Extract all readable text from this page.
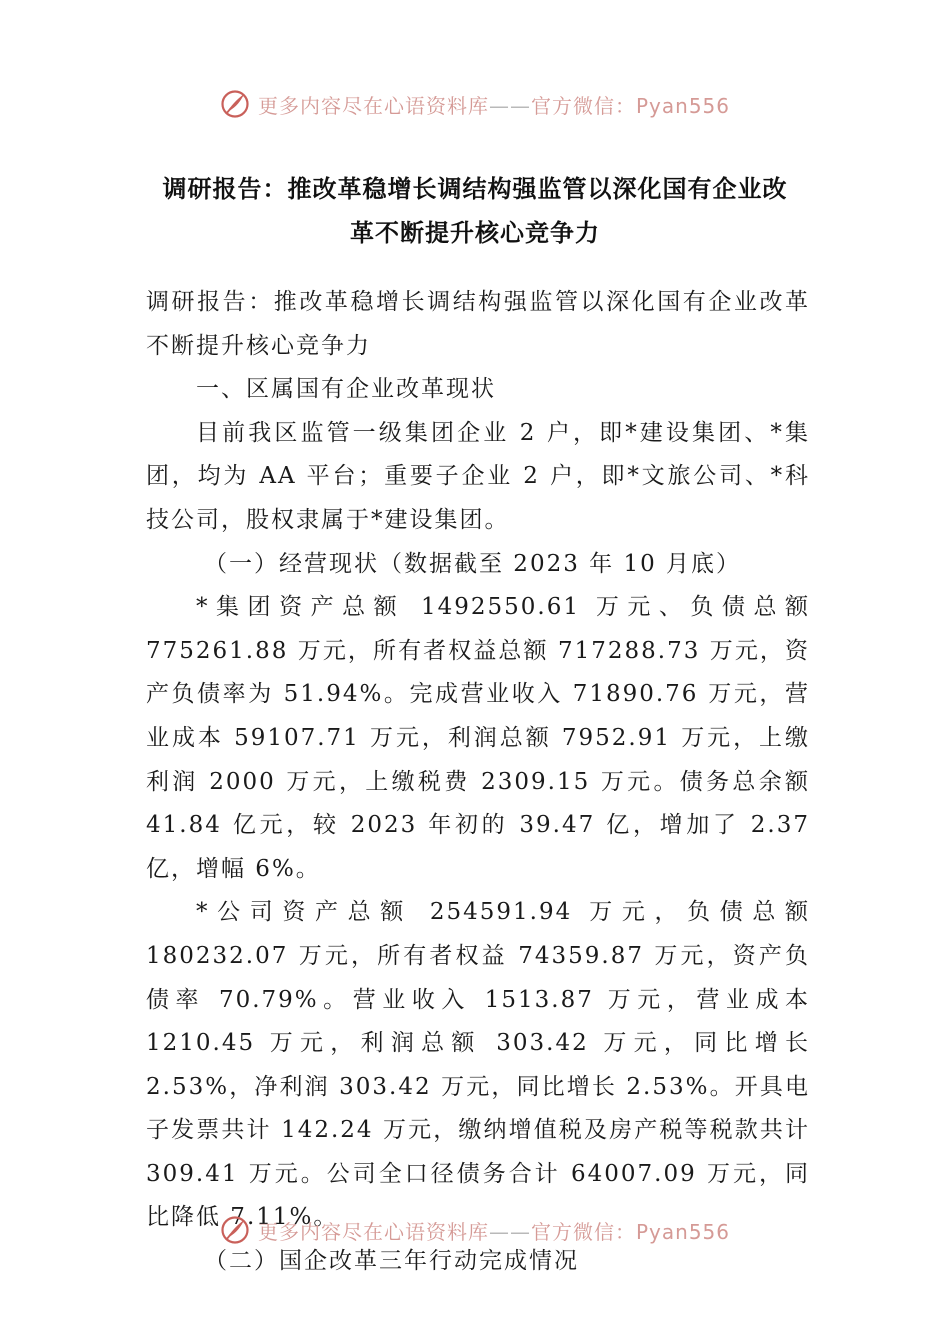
更多内容尽在心语资料库——官方微信：Pyan556
调研报告：推改革稳增长调结构强监管以深化国有企业改
革不断提升核心竞争力

调研报告：推改革稳增长调结构强监管以深化国有企业改革不断提升核心竞争力

一、区属国有企业改革现状

目前我区监管一级集团企业 2 户，即*建设集团、*集团，均为 AA 平台；重要子企业 2 户，即*文旅公司、*科技公司，股权隶属于*建设集团。

（一）经营现状（数据截至 2023 年 10 月底）

*集团资产总额 1492550.61 万元、负债总额 775261.88 万元，所有者权益总额 717288.73 万元，资产负债率为 51.94%。完成营业收入 71890.76 万元，营业成本 59107.71 万元，利润总额 7952.91 万元，上缴利润 2000 万元，上缴税费 2309.15 万元。债务总余额 41.84 亿元，较 2023 年初的 39.47 亿，增加了 2.37 亿，增幅 6%。

*公司资产总额 254591.94 万元，负债总额 180232.07 万元，所有者权益 74359.87 万元，资产负债率 70.79%。营业收入 1513.87 万元，营业成本 1210.45 万元，利润总额 303.42 万元，同比增长 2.53%，净利润 303.42 万元，同比增长 2.53%。开具电子发票共计 142.24 万元，缴纳增值税及房产税等税款共计 309.41 万元。公司全口径债务合计 64007.09 万元，同比降低 7.11%。

（二）国企改革三年行动完成情况

更多内容尽在心语资料库——官方微信：Pyan556
